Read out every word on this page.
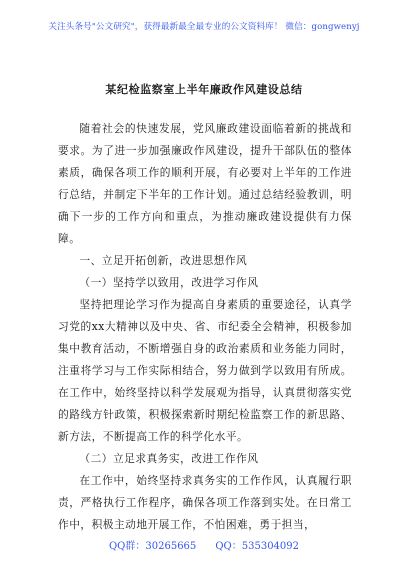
关注头条号"公文研究"，获得最新最全最专业的公文资料库！ 微信：gongwenyj
某纪检监察室上半年廉政作风建设总结

随着社会的快速发展，党风廉政建设面临着新的挑战和要求。为了进一步加强廉政作风建设，提升干部队伍的整体素质，确保各项工作的顺利开展，有必要对上半年的工作进行总结，并制定下半年的工作计划。通过总结经验教训，明确下一步的工作方向和重点，为推动廉政建设提供有力保障。

一、立足开拓创新，改进思想作风

（一）坚持学以致用，改进学习作风

坚持把理论学习作为提高自身素质的重要途径，认真学习党的xx大精神以及中央、省、市纪委全会精神，积极参加集中教育活动，不断增强自身的政治素质和业务能力同时，注重将学习与工作实际相结合，努力做到学以致用有所成。在工作中，始终坚持以科学发展观为指导，认真贯彻落实党的路线方针政策，积极探索新时期纪检监察工作的新思路、新方法，不断提高工作的科学化水平。

（二）立足求真务实，改进工作作风

在工作中，始终坚持求真务实的工作作风，认真履行职责，严格执行工作程序，确保各项工作落到实处。在日常工作中，积极主动地开展工作，不怕困难，勇于担当，

QQ群：30265665      QQ：535304092
